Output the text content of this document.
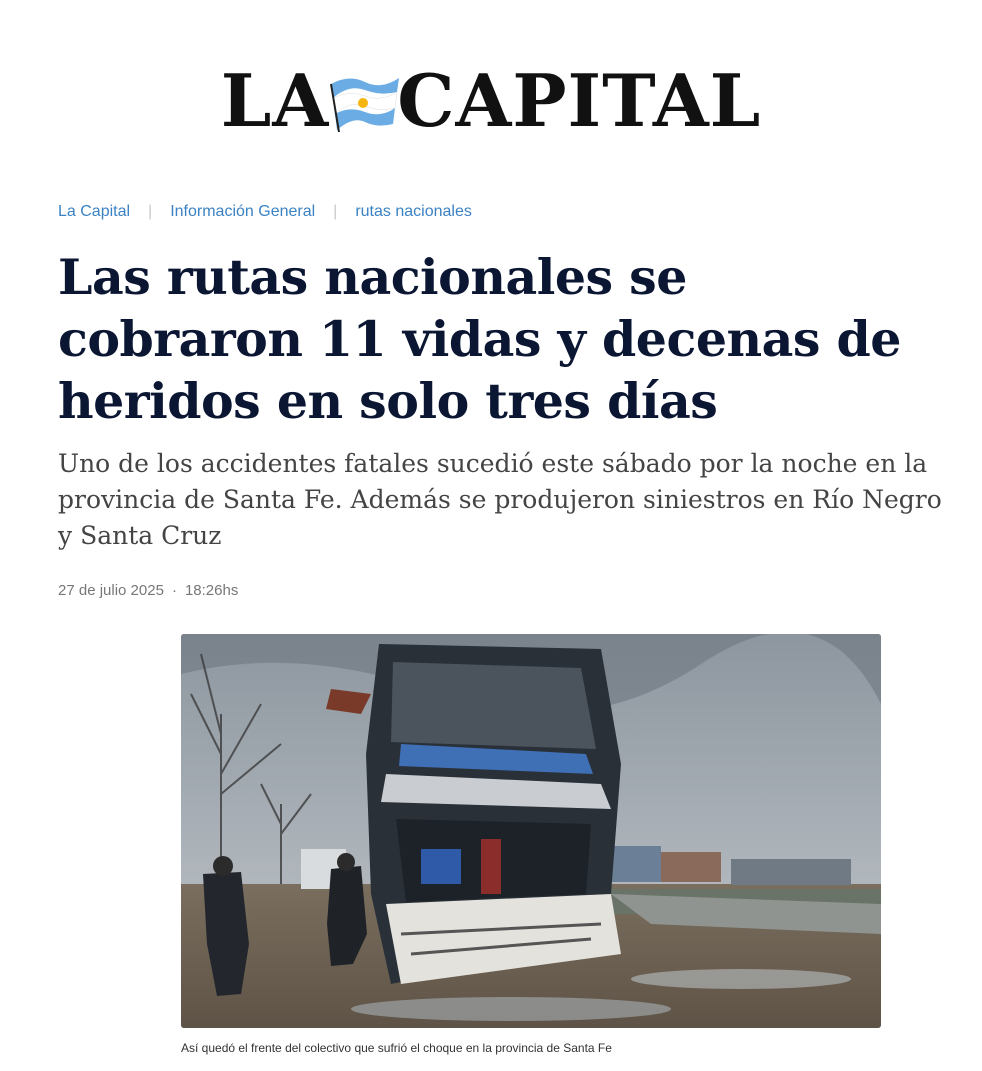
LA CAPITAL
La Capital | Información General | rutas nacionales
Las rutas nacionales se cobraron 11 vidas y decenas de heridos en solo tres días

Uno de los accidentes fatales sucedió este sábado por la noche en la provincia de Santa Fe. Además se produjeron siniestros en Río Negro y Santa Cruz

27 de julio 2025 · 18:26hs
Así quedó el frente del colectivo que sufrió el choque en la provincia de Santa Fe
